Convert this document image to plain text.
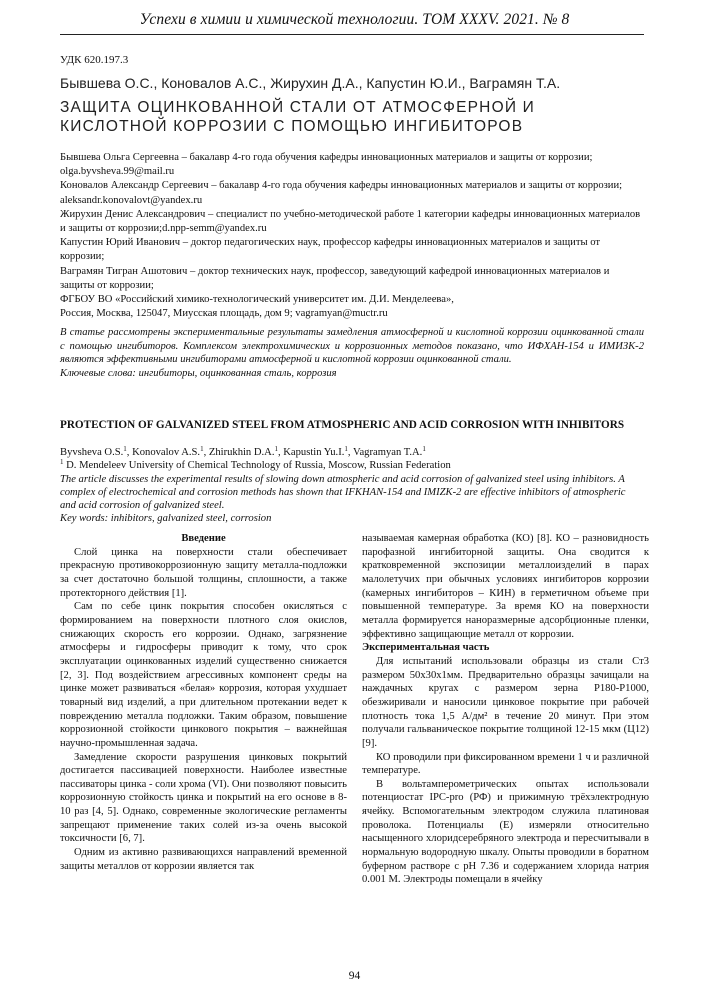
Успехи в химии и химической технологии. ТОМ XXXV. 2021. № 8
УДК 620.197.3
Бывшева О.С., Коновалов А.С., Жирухин Д.А., Капустин Ю.И., Ваграмян Т.А.
ЗАЩИТА ОЦИНКОВАННОЙ СТАЛИ ОТ АТМОСФЕРНОЙ И КИСЛОТНОЙ КОРРОЗИИ С ПОМОЩЬЮ ИНГИБИТОРОВ

Бывшева Ольга Сергеевна – бакалавр 4-го года обучения кафедры инновационных материалов и защиты от коррозии; olga.byvsheva.99@mail.ru

Коновалов Александр Сергеевич – бакалавр 4-го года обучения кафедры инновационных материалов и защиты от коррозии; aleksandr.konovalovt@yandex.ru

Жирухин Денис Александрович – специалист по учебно-методической работе 1 категории кафедры инновационных материалов и защиты от коррозии;d.npp-semm@yandex.ru

Капустин Юрий Иванович – доктор педагогических наук, профессор кафедры инновационных материалов и защиты от коррозии;

Ваграмян Тигран Ашотович – доктор технических наук, профессор, заведующий кафедрой инновационных материалов и защиты от коррозии;

ФГБОУ ВО «Российский химико-технологический университет им. Д.И. Менделеева»,

Россия, Москва, 125047, Миусская площадь, дом 9; vagramyan@muctr.ru

В статье рассмотрены экспериментальные результаты замедления атмосферной и кислотной коррозии оцинкованной стали с помощью ингибиторов. Комплексом электрохимических и коррозионных методов показано, что ИФХАН-154 и ИМИЗК-2 являются эффективными ингибиторами атмосферной и кислотной коррозии оцинкованной стали.

Ключевые слова: ингибиторы, оцинкованная сталь, коррозия

PROTECTION OF GALVANIZED STEEL FROM ATMOSPHERIC AND ACID CORROSION WITH INHIBITORS

Byvsheva O.S.$^1$, Konovalov A.S.$^1$, Zhirukhin D.A.$^1$, Kapustin Yu.I.$^1$, Vagramyan T.A.$^1$

$^1$ D. Mendeleev University of Chemical Technology of Russia, Moscow, Russian Federation

The article discusses the experimental results of slowing down atmospheric and acid corrosion of galvanized steel using inhibitors. A complex of electrochemical and corrosion methods has shown that IFKHAN-154 and IMIZK-2 are effective inhibitors of atmospheric and acid corrosion of galvanized steel.

Key words: inhibitors, galvanized steel, corrosion

Введение

Слой цинка на поверхности стали обеспечивает прекрасную противокоррозионную защиту металла-подложки за счет достаточно большой толщины, сплошности, а также протекторного действия [1].

Сам по себе цинк покрытия способен окисляться с формированием на поверхности плотного слоя окислов, снижающих скорость его коррозии. Однако, загрязнение атмосферы и гидросферы приводит к тому, что срок эксплуатации оцинкованных изделий существенно снижается [2, 3]. Под воздействием агрессивных компонент среды на цинке может развиваться «белая» коррозия, которая ухудшает товарный вид изделий, а при длительном протекании ведет к повреждению металла подложки. Таким образом, повышение коррозионной стойкости цинкового покрытия – важнейшая научно-промышленная задача.

Замедление скорости разрушения цинковых покрытий достигается пассивацией поверхности. Наиболее известные пассиваторы цинка - соли хрома (VI). Они позволяют повысить коррозионную стойкость цинка и покрытий на его основе в 8-10 раз [4, 5]. Однако, современные экологические регламенты запрещают применение таких солей из-за очень высокой токсичности [6, 7].

Одним из активно развивающихся направлений временной защиты металлов от коррозии является так

называемая камерная обработка (КО) [8]. КО – разновидность парофазной ингибиторной защиты. Она сводится к кратковременной экспозиции металлоизделий в парах малолетучих при обычных условиях ингибиторов коррозии (камерных ингибиторов – КИН) в герметичном объеме при повышенной температуре. За время КО на поверхности металла формируется наноразмерные адсорбционные пленки, эффективно защищающие металл от коррозии.

Экспериментальная часть

Для испытаний использовали образцы из стали Ст3 размером 50x30x1мм. Предварительно образцы зачищали на наждачных кругах с размером зерна Р180-Р1000, обезжиривали и наносили цинковое покрытие при рабочей плотность тока 1,5 А/дм² в течение 20 минут. При этом получали гальваническое покрытие толщиной 12-15 мкм (Ц12) [9].

КО проводили при фиксированном времени 1 ч и различной температуре.

В вольтамперометрических опытах использовали потенциостат IPC-pro (РФ) и прижимную трёхэлектродную ячейку. Вспомогательным электродом служила платиновая проволока. Потенциалы (E) измеряли относительно насыщенного хлоридсеребряного электрода и пересчитывали в нормальную водородную шкалу. Опыты проводили в боратном буферном растворе с pH 7.36 и содержанием хлорида натрия 0.001 М. Электроды помещали в ячейку

94
